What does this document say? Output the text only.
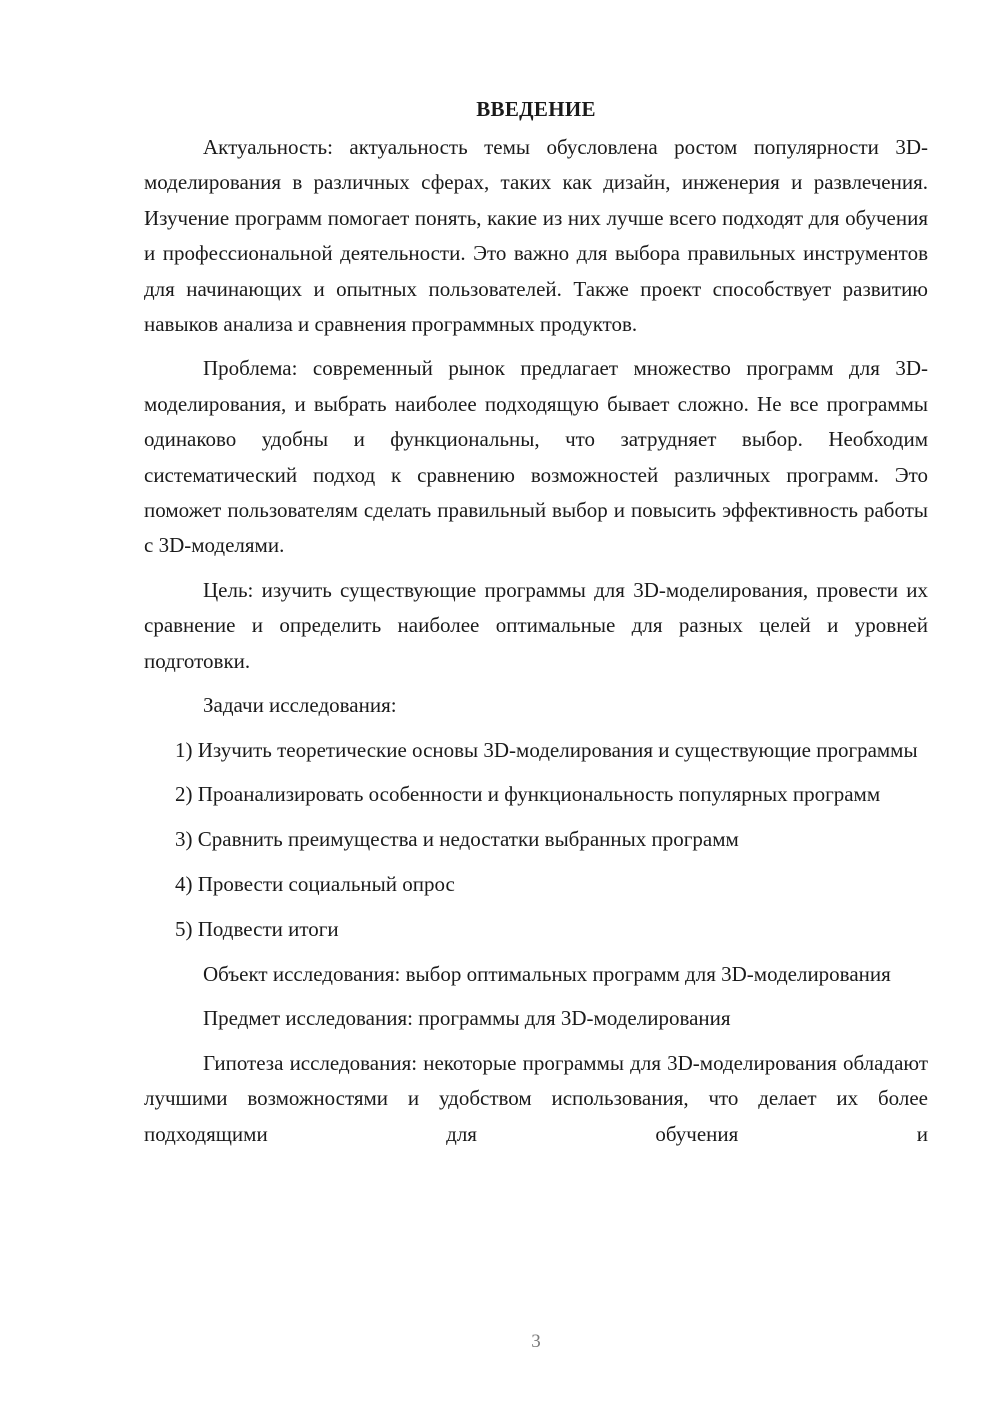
ВВЕДЕНИЕ

Актуальность: актуальность темы обусловлена ростом популярности 3D-моделирования в различных сферах, таких как дизайн, инженерия и развлечения. Изучение программ помогает понять, какие из них лучше всего подходят для обучения и профессиональной деятельности. Это важно для выбора правильных инструментов для начинающих и опытных пользователей. Также проект способствует развитию навыков анализа и сравнения программных продуктов.

Проблема: современный рынок предлагает множество программ для 3D-моделирования, и выбрать наиболее подходящую бывает сложно. Не все программы одинаково удобны и функциональны, что затрудняет выбор. Необходим систематический подход к сравнению возможностей различных программ. Это поможет пользователям сделать правильный выбор и повысить эффективность работы с 3D-моделями.

Цель: изучить существующие программы для 3D-моделирования, провести их сравнение и определить наиболее оптимальные для разных целей и уровней подготовки.

Задачи исследования:

1) Изучить теоретические основы 3D-моделирования и существующие программы

2) Проанализировать особенности и функциональность популярных программ

3) Сравнить преимущества и недостатки выбранных программ

4) Провести социальный опрос

5) Подвести итоги

Объект исследования: выбор оптимальных программ для 3D-моделирования

Предмет исследования: программы для 3D-моделирования

Гипотеза исследования: некоторые программы для 3D-моделирования обладают лучшими возможностями и удобством использования, что делает их более подходящими для обучения и

3
